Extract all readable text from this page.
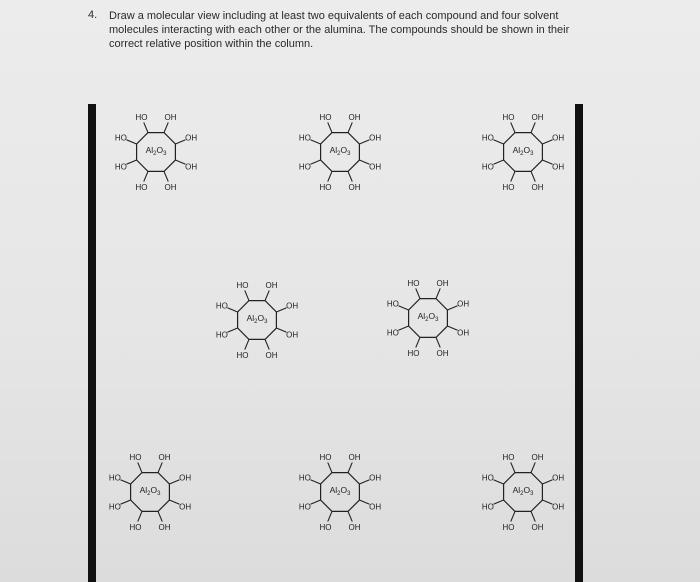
4. Draw a molecular view including at least two equivalents of each compound and four solvent
molecules interacting with each other or the alumina. The compounds should be shown in their
correct relative position within the column.
OH
OH
HO
HO
HO
HO OH
OH
$Al_2O_3$
OH
OH
HO
HO
HO
HO OH
OH
$Al_2O_3$
OH
OH
HO
HO
HO
HO OH
OH
$Al_2O_3$
OH
OH
HO
HO
HO
HO OH
OH
$Al_2O_3$
OH
OH
HO
HO
HO
HO OH
OH
$Al_2O_3$
OH
OH
HO
HO
HO
HO OH
OH
$Al_2O_3$
OH
OH
HO
HO
HO
HO OH
OH
$Al_2O_3$
OH
OH
HO
HO
HO
HO OH
OH
$Al_2O_3$
